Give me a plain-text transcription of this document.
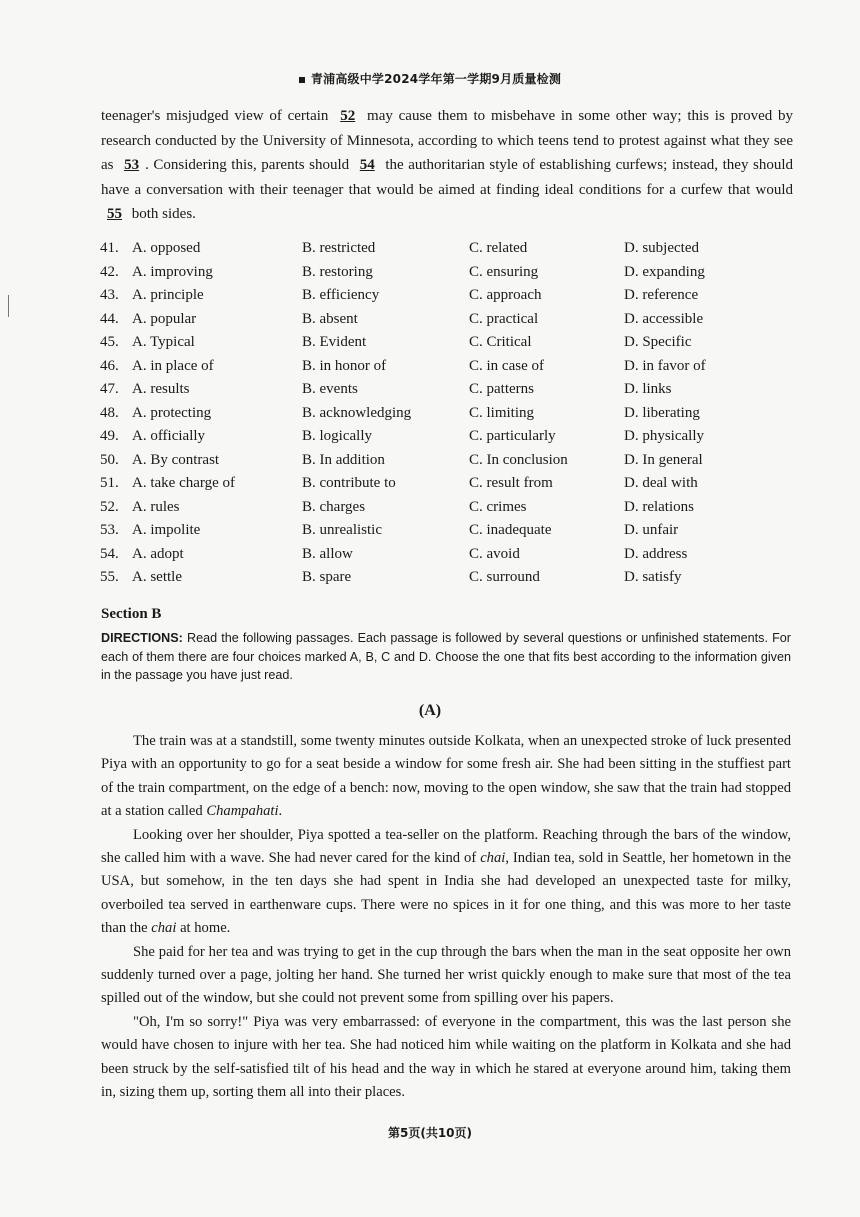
青浦高级中学2024学年第一学期9月质量检测
teenager's misjudged view of certain 52 may cause them to misbehave in some other way; this is proved by research conducted by the University of Minnesota, according to which teens tend to protest against what they see as 53 . Considering this, parents should 54 the authoritarian style of establishing curfews; instead, they should have a conversation with their teenager that would be aimed at finding ideal conditions for a curfew that would 55 both sides.
41. A. opposed	B. restricted	C. related	D. subjected
42. A. improving	B. restoring	C. ensuring	D. expanding
43. A. principle	B. efficiency	C. approach	D. reference
44. A. popular	B. absent	C. practical	D. accessible
45. A. Typical	B. Evident	C. Critical	D. Specific
46. A. in place of	B. in honor of	C. in case of	D. in favor of
47. A. results	B. events	C. patterns	D. links
48. A. protecting	B. acknowledging	C. limiting	D. liberating
49. A. officially	B. logically	C. particularly	D. physically
50. A. By contrast	B. In addition	C. In conclusion	D. In general
51. A. take charge of	B. contribute to	C. result from	D. deal with
52. A. rules	B. charges	C. crimes	D. relations
53. A. impolite	B. unrealistic	C. inadequate	D. unfair
54. A. adopt	B. allow	C. avoid	D. address
55. A. settle	B. spare	C. surround	D. satisfy
Section B
DIRECTIONS: Read the following passages. Each passage is followed by several questions or unfinished statements. For each of them there are four choices marked A, B, C and D. Choose the one that fits best according to the information given in the passage you have just read.
(A)

The train was at a standstill, some twenty minutes outside Kolkata, when an unexpected stroke of luck presented Piya with an opportunity to go for a seat beside a window for some fresh air. She had been sitting in the stuffiest part of the train compartment, on the edge of a bench: now, moving to the open window, she saw that the train had stopped at a station called Champahati.

Looking over her shoulder, Piya spotted a tea-seller on the platform. Reaching through the bars of the window, she called him with a wave. She had never cared for the kind of chai, Indian tea, sold in Seattle, her hometown in the USA, but somehow, in the ten days she had spent in India she had developed an unexpected taste for milky, overboiled tea served in earthenware cups. There were no spices in it for one thing, and this was more to her taste than the chai at home.

She paid for her tea and was trying to get in the cup through the bars when the man in the seat opposite her own suddenly turned over a page, jolting her hand. She turned her wrist quickly enough to make sure that most of the tea spilled out of the window, but she could not prevent some from spilling over his papers.

"Oh, I'm so sorry!" Piya was very embarrassed: of everyone in the compartment, this was the last person she would have chosen to injure with her tea. She had noticed him while waiting on the platform in Kolkata and she had been struck by the self-satisfied tilt of his head and the way in which he stared at everyone around him, taking them in, sizing them up, sorting them all into their places.

第5页(共10页)
